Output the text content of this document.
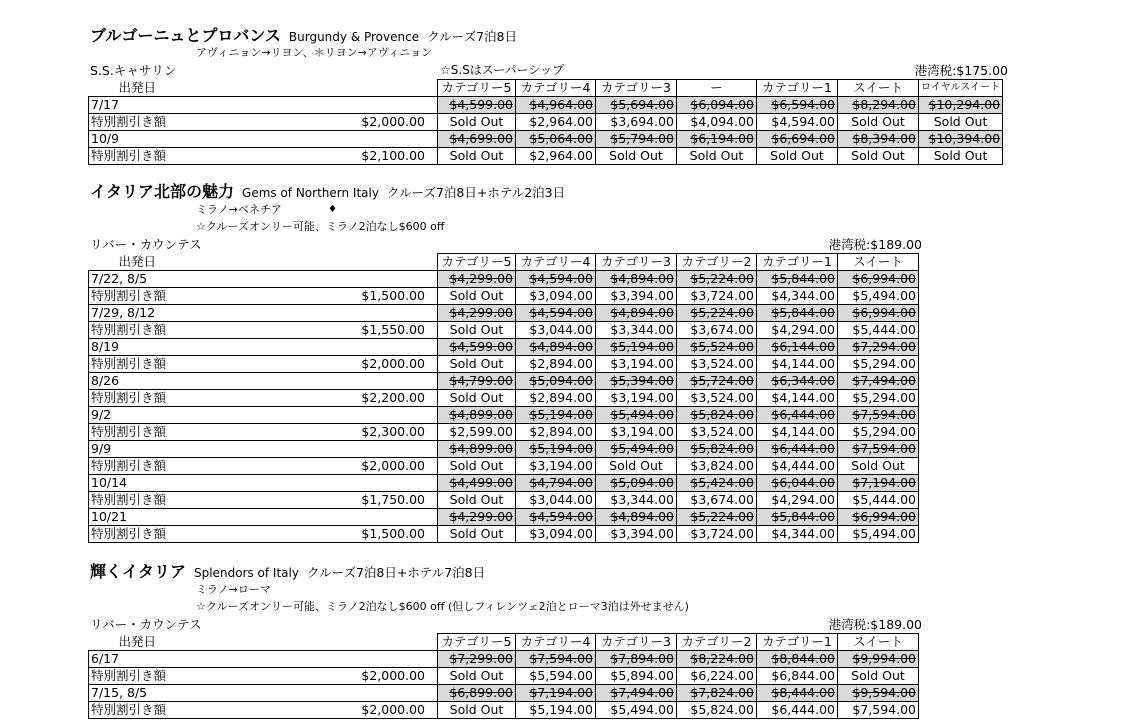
ブルゴーニュとプロバンス Burgundy & Provence クルーズ7泊8日
アヴィニョン→リヨン、＊リヨン→アヴィニョン
S.S.キャサリン	☆S.Sはスーパーシップ	港湾税:$175.00
出発日		カテゴリー5	カテゴリー4	カテゴリー3	ー	カテゴリー1	スイート	ロイヤルスイート
7/17		$4,599.00	$4,964.00	$5,694.00	$6,094.00	$6,594.00	$8,294.00	$10,294.00
特別割引き額	$2,000.00	Sold Out	$2,964.00	$3,694.00	$4,094.00	$4,594.00	Sold Out	Sold Out
10/9		$4,699.00	$5,064.00	$5,794.00	$6,194.00	$6,694.00	$8,394.00	$10,394.00
特別割引き額	$2,100.00	Sold Out	$2,964.00	Sold Out	Sold Out	Sold Out	Sold Out	Sold Out
イタリア北部の魅力 Gems of Northern Italy クルーズ7泊8日+ホテル2泊3日
ミラノ→ベネチア	♦
☆クルーズオンリー可能、ミラノ2泊なし$600 off
リバー・カウンテス	港湾税:$189.00
出発日		カテゴリー5	カテゴリー4	カテゴリー3	カテゴリー2	カテゴリー1	スイート
7/22, 8/5		$4,299.00	$4,594.00	$4,894.00	$5,224.00	$5,844.00	$6,994.00
特別割引き額	$1,500.00	Sold Out	$3,094.00	$3,394.00	$3,724.00	$4,344.00	$5,494.00
7/29, 8/12		$4,299.00	$4,594.00	$4,894.00	$5,224.00	$5,844.00	$6,994.00
特別割引き額	$1,550.00	Sold Out	$3,044.00	$3,344.00	$3,674.00	$4,294.00	$5,444.00
8/19		$4,599.00	$4,894.00	$5,194.00	$5,524.00	$6,144.00	$7,294.00
特別割引き額	$2,000.00	Sold Out	$2,894.00	$3,194.00	$3,524.00	$4,144.00	$5,294.00
8/26		$4,799.00	$5,094.00	$5,394.00	$5,724.00	$6,344.00	$7,494.00
特別割引き額	$2,200.00	Sold Out	$2,894.00	$3,194.00	$3,524.00	$4,144.00	$5,294.00
9/2		$4,899.00	$5,194.00	$5,494.00	$5,824.00	$6,444.00	$7,594.00
特別割引き額	$2,300.00	$2,599.00	$2,894.00	$3,194.00	$3,524.00	$4,144.00	$5,294.00
9/9		$4,899.00	$5,194.00	$5,494.00	$5,824.00	$6,444.00	$7,594.00
特別割引き額	$2,000.00	Sold Out	$3,194.00	Sold Out	$3,824.00	$4,444.00	Sold Out
10/14		$4,499.00	$4,794.00	$5,094.00	$5,424.00	$6,044.00	$7,194.00
特別割引き額	$1,750.00	Sold Out	$3,044.00	$3,344.00	$3,674.00	$4,294.00	$5,444.00
10/21		$4,299.00	$4,594.00	$4,894.00	$5,224.00	$5,844.00	$6,994.00
特別割引き額	$1,500.00	Sold Out	$3,094.00	$3,394.00	$3,724.00	$4,344.00	$5,494.00
輝くイタリア Splendors of Italy クルーズ7泊8日+ホテル7泊8日
ミラノ→ローマ
☆クルーズオンリー可能、ミラノ2泊なし$600 off (但しフィレンツェ2泊とローマ3泊は外せません)
リバー・カウンテス	港湾税:$189.00
出発日		カテゴリー5	カテゴリー4	カテゴリー3	カテゴリー2	カテゴリー1	スイート
6/17		$7,299.00	$7,594.00	$7,894.00	$8,224.00	$8,844.00	$9,994.00
特別割引き額	$2,000.00	Sold Out	$5,594.00	$5,894.00	$6,224.00	$6,844.00	Sold Out
7/15, 8/5		$6,899.00	$7,194.00	$7,494.00	$7,824.00	$8,444.00	$9,594.00
特別割引き額	$2,000.00	Sold Out	$5,194.00	$5,494.00	$5,824.00	$6,444.00	$7,594.00
